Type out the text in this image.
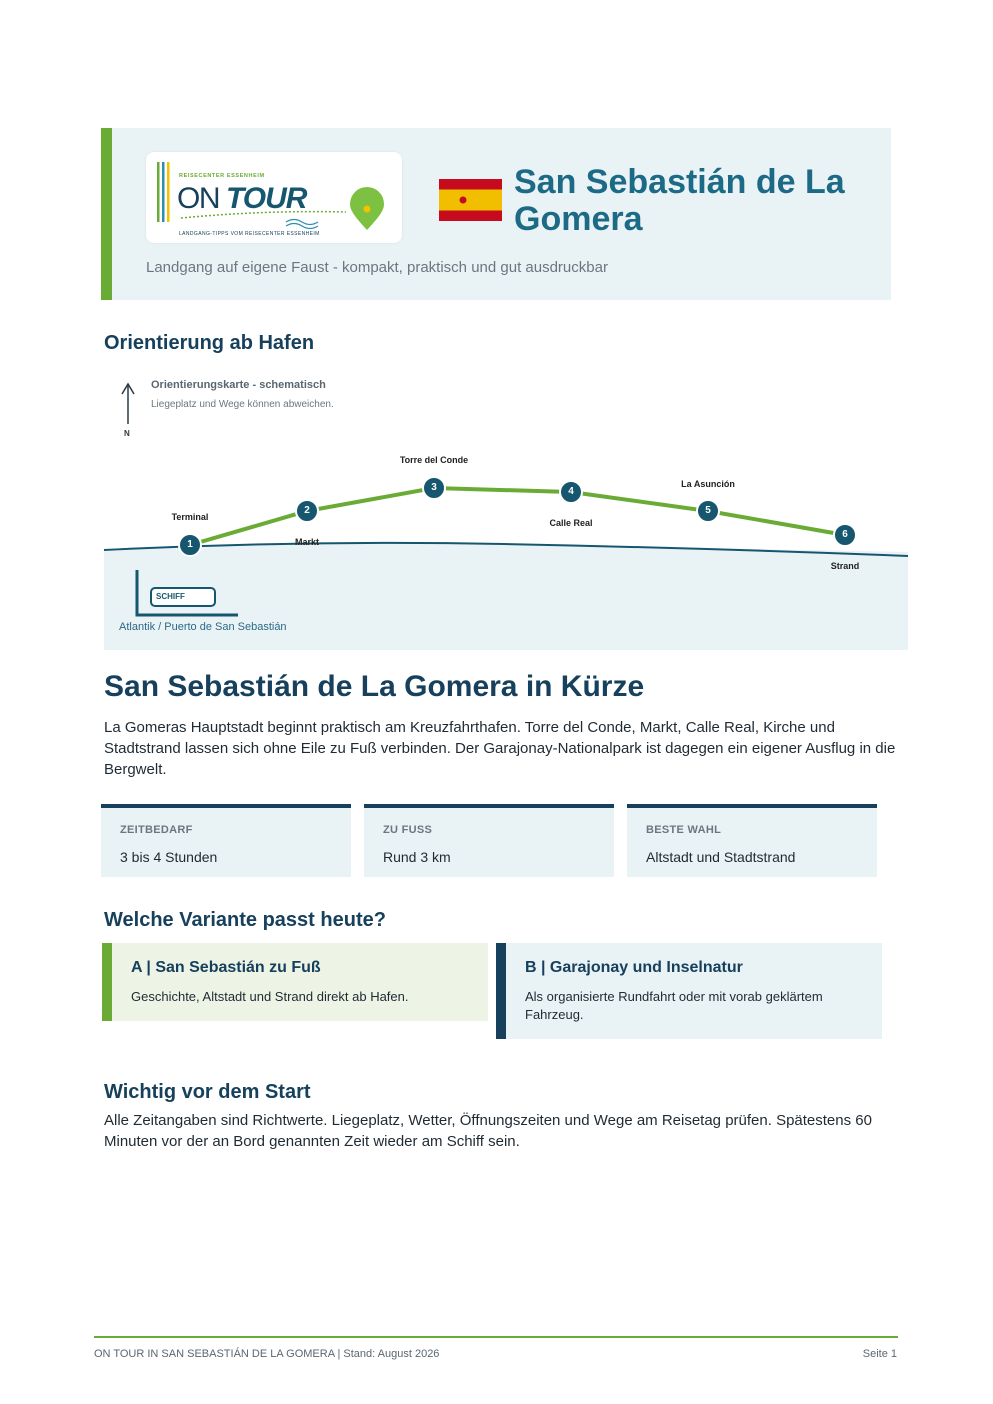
REISECENTER ESSENHEIM
ON TOUR
LANDGANG-TIPPS VOM REISECENTER ESSENHEIM
San Sebastián de La Gomera
Landgang auf eigene Faust - kompakt, praktisch und gut ausdruckbar
Orientierung ab Hafen
Orientierungskarte - schematisch
Liegeplatz und Wege können abweichen.
N
1
Terminal
2
Markt
3
Torre del Conde
4
Calle Real
5
La Asunción
6
Strand
SCHIFF
Atlantik / Puerto de San Sebastián
San Sebastián de La Gomera in Kürze
La Gomeras Hauptstadt beginnt praktisch am Kreuzfahrthafen. Torre del Conde, Markt, Calle Real, Kirche und Stadtstrand lassen sich ohne Eile zu Fuß verbinden. Der Garajonay-Nationalpark ist dagegen ein eigener Ausflug in die Bergwelt.
ZEITBEDARF
3 bis 4 Stunden
ZU FUSS
Rund 3 km
BESTE WAHL
Altstadt und Stadtstrand
Welche Variante passt heute?
A | San Sebastián zu Fuß
Geschichte, Altstadt und Strand direkt ab Hafen.
B | Garajonay und Inselnatur
Als organisierte Rundfahrt oder mit vorab geklärtem Fahrzeug.
Wichtig vor dem Start
Alle Zeitangaben sind Richtwerte. Liegeplatz, Wetter, Öffnungszeiten und Wege am Reisetag prüfen. Spätestens 60 Minuten vor der an Bord genannten Zeit wieder am Schiff sein.
ON TOUR IN SAN SEBASTIÁN DE LA GOMERA | Stand: August 2026	Seite 1
